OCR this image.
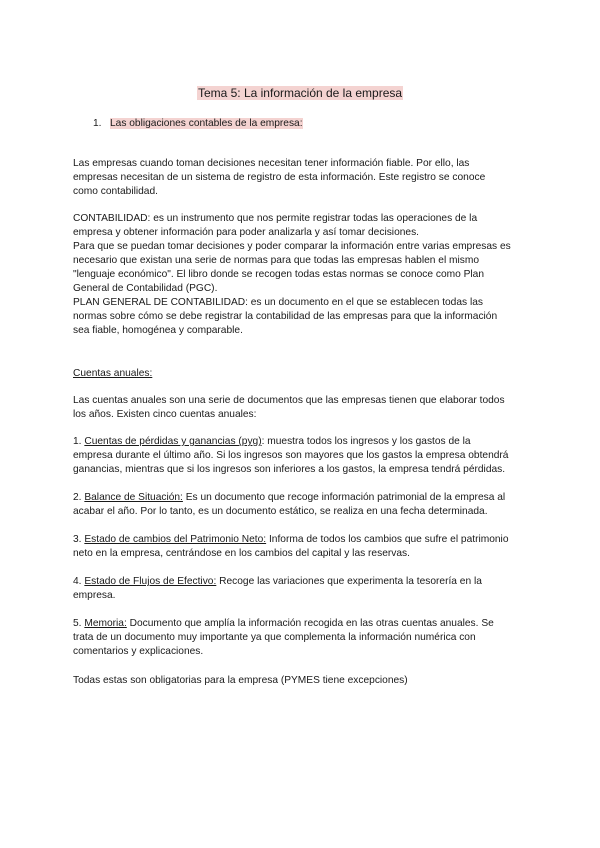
Tema 5: La información de la empresa
1. Las obligaciones contables de la empresa:
Las empresas cuando toman decisiones necesitan tener información fiable. Por ello, las
empresas necesitan de un sistema de registro de esta información. Este registro se conoce
como contabilidad.
CONTABILIDAD: es un instrumento que nos permite registrar todas las operaciones de la
empresa y obtener información para poder analizarla y así tomar decisiones.
Para que se puedan tomar decisiones y poder comparar la información entre varias empresas es
necesario que existan una serie de normas para que todas las empresas hablen el mismo
"lenguaje económico". El libro donde se recogen todas estas normas se conoce como Plan
General de Contabilidad (PGC).
PLAN GENERAL DE CONTABILIDAD: es un documento en el que se establecen todas las
normas sobre cómo se debe registrar la contabilidad de las empresas para que la información
sea fiable, homogénea y comparable.
Cuentas anuales:
Las cuentas anuales son una serie de documentos que las empresas tienen que elaborar todos
los años. Existen cinco cuentas anuales:
1. Cuentas de pérdidas y ganancias (pyg): muestra todos los ingresos y los gastos de la
empresa durante el último año. Si los ingresos son mayores que los gastos la empresa obtendrá
ganancias, mientras que si los ingresos son inferiores a los gastos, la empresa tendrá pérdidas.
2. Balance de Situación: Es un documento que recoge información patrimonial de la empresa al
acabar el año. Por lo tanto, es un documento estático, se realiza en una fecha determinada.
3. Estado de cambios del Patrimonio Neto: Informa de todos los cambios que sufre el patrimonio
neto en la empresa, centrándose en los cambios del capital y las reservas.
4. Estado de Flujos de Efectivo: Recoge las variaciones que experimenta la tesorería en la
empresa.
5. Memoria: Documento que amplía la información recogida en las otras cuentas anuales. Se
trata de un documento muy importante ya que complementa la información numérica con
comentarios y explicaciones.
Todas estas son obligatorias para la empresa (PYMES tiene excepciones)
